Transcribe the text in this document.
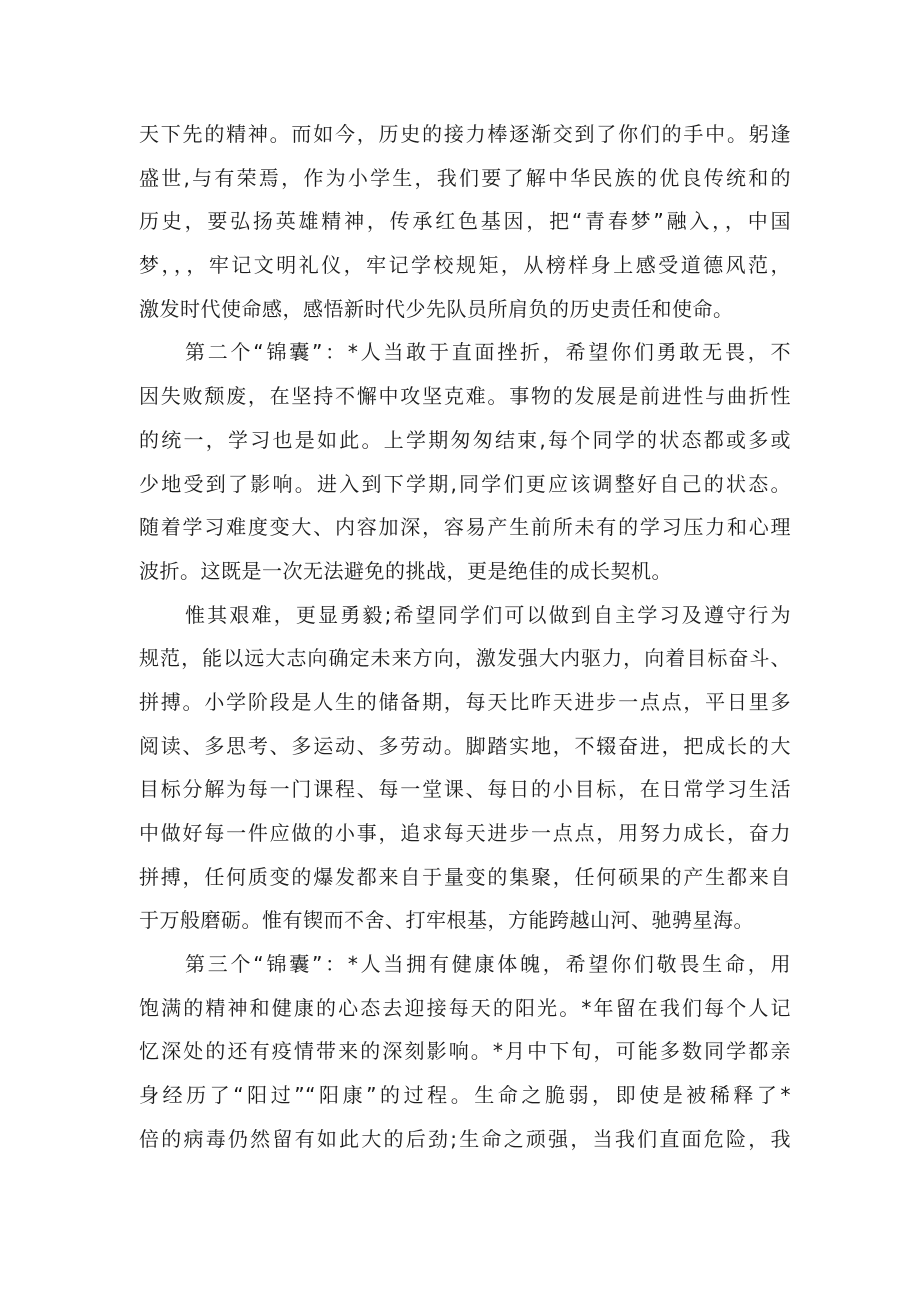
天下先的精神。而如今，历史的接力棒逐渐交到了你们的手中。躬逢
盛世,与有荣焉，作为小学生，我们要了解中华民族的优良传统和的
历史，要弘扬英雄精神，传承红色基因，把“青春梦”融入，，中国
梦，，，牢记文明礼仪，牢记学校规矩，从榜样身上感受道德风范，
激发时代使命感，感悟新时代少先队员所肩负的历史责任和使命。
第二个“锦囊”：*人当敢于直面挫折，希望你们勇敢无畏，不
因失败颓废，在坚持不懈中攻坚克难。事物的发展是前进性与曲折性
的统一，学习也是如此。上学期匆匆结束,每个同学的状态都或多或
少地受到了影响。进入到下学期,同学们更应该调整好自己的状态。
随着学习难度变大、内容加深，容易产生前所未有的学习压力和心理
波折。这既是一次无法避免的挑战，更是绝佳的成长契机。
惟其艰难，更显勇毅;希望同学们可以做到自主学习及遵守行为
规范，能以远大志向确定未来方向，激发强大内驱力，向着目标奋斗、
拼搏。小学阶段是人生的储备期，每天比昨天进步一点点，平日里多
阅读、多思考、多运动、多劳动。脚踏实地，不辍奋进，把成长的大
目标分解为每一门课程、每一堂课、每日的小目标，在日常学习生活
中做好每一件应做的小事，追求每天进步一点点，用努力成长，奋力
拼搏，任何质变的爆发都来自于量变的集聚，任何硕果的产生都来自
于万般磨砺。惟有锲而不舍、打牢根基，方能跨越山河、驰骋星海。
第三个“锦囊”：*人当拥有健康体魄，希望你们敬畏生命，用
饱满的精神和健康的心态去迎接每天的阳光。*年留在我们每个人记
忆深处的还有疫情带来的深刻影响。*月中下旬，可能多数同学都亲
身经历了“阳过”“阳康”的过程。生命之脆弱，即使是被稀释了*
倍的病毒仍然留有如此大的后劲;生命之顽强，当我们直面危险，我
